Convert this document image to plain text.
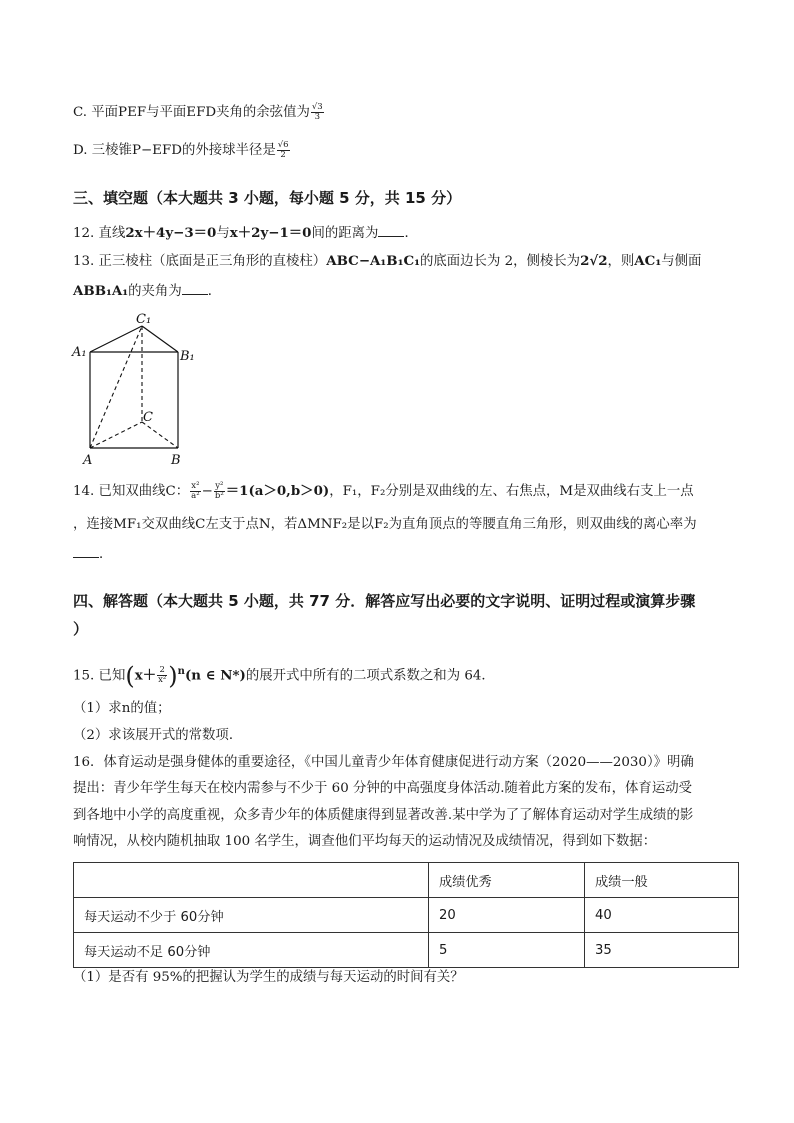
C. 平面PEF与平面EFD夹角的余弦值为 $\frac{√3}{3}$
D. 三棱锥P−EFD的外接球半径是 $\frac{√6}{2}$
三、填空题（本大题共 3 小题，每小题 5 分，共 15 分）
12. 直线2x＋4y−3＝0与x＋2y−1＝0间的距离为 ．
13. 正三棱柱（底面是正三角形的直棱柱）ABC−A₁B₁C₁的底面边长为 2，侧棱长为2√2，则AC₁与侧面
ABB₁A₁的夹角为 ．
C₁
A₁	B₁
C
A	B
14. 已知双曲线C： $\frac{\text{x²}}{\text{a²}} - \frac{\text{y²}}{\text{b²}} =1(a>0,b>0)$，F₁，F₂分别是双曲线的左、右焦点，M是双曲线右支上一点
，连接MF₁交双曲线C左支于点N，若ΔMNF₂是以F₂为直角顶点的等腰直角三角形，则双曲线的离心率为
．
四、解答题（本大题共 5 小题，共 77 分．解答应写出必要的文字说明、证明过程或演算步骤
）
15. 已知$(x+ \frac{2}{\text{x²}} )^n(n$ ∈ N*)的展开式中所有的二项式系数之和为 64．
（1）求n的值；
（2）求该展开式的常数项．
16．体育运动是强身健体的重要途径，《中国儿童青少年体育健康促进行动方案（2020——2030）》明确
提出：青少年学生每天在校内需参与不少于 60 分钟的中高强度身体活动.随着此方案的发布，体育运动受
到各地中小学的高度重视，众多青少年的体质健康得到显著改善.某中学为了了解体育运动对学生成绩的影
响情况，从校内随机抽取 100 名学生，调查他们平均每天的运动情况及成绩情况，得到如下数据：
	成绩优秀	成绩一般
每天运动不少于 60分钟	20	40
每天运动不足 60分钟	5	35
（1）是否有 95%的把握认为学生的成绩与每天运动的时间有关？
